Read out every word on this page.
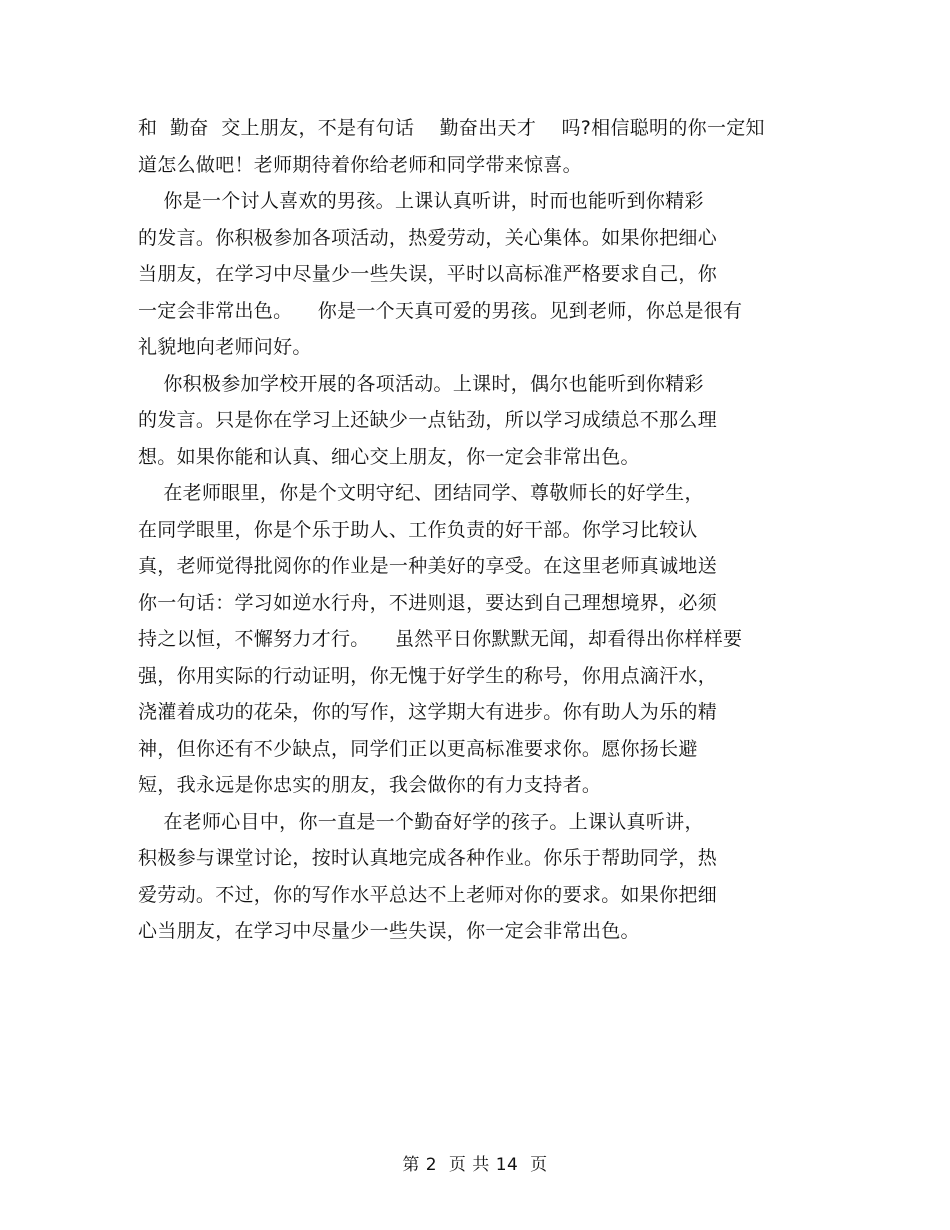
和  勤奋  交上朋友，不是有句话    勤奋出天才    吗?相信聪明的你一定知
道怎么做吧！老师期待着你给老师和同学带来惊喜。
你是一个讨人喜欢的男孩。上课认真听讲，时而也能听到你精彩
的发言。你积极参加各项活动，热爱劳动，关心集体。如果你把细心
当朋友，在学习中尽量少一些失误，平时以高标准严格要求自己，你
一定会非常出色。    你是一个天真可爱的男孩。见到老师，你总是很有
礼貌地向老师问好。
你积极参加学校开展的各项活动。上课时，偶尔也能听到你精彩
的发言。只是你在学习上还缺少一点钻劲，所以学习成绩总不那么理
想。如果你能和认真、细心交上朋友，你一定会非常出色。
在老师眼里，你是个文明守纪、团结同学、尊敬师长的好学生，
在同学眼里，你是个乐于助人、工作负责的好干部。你学习比较认
真，老师觉得批阅你的作业是一种美好的享受。在这里老师真诚地送
你一句话：学习如逆水行舟，不进则退，要达到自己理想境界，必须
持之以恒，不懈努力才行。    虽然平日你默默无闻，却看得出你样样要
强，你用实际的行动证明，你无愧于好学生的称号，你用点滴汗水，
浇灌着成功的花朵，你的写作，这学期大有进步。你有助人为乐的精
神，但你还有不少缺点，同学们正以更高标准要求你。愿你扬长避
短，我永远是你忠实的朋友，我会做你的有力支持者。
在老师心目中，你一直是一个勤奋好学的孩子。上课认真听讲，
积极参与课堂讨论，按时认真地完成各种作业。你乐于帮助同学，热
爱劳动。不过，你的写作水平总达不上老师对你的要求。如果你把细
心当朋友，在学习中尽量少一些失误，你一定会非常出色。
第 2  页 共 14  页
